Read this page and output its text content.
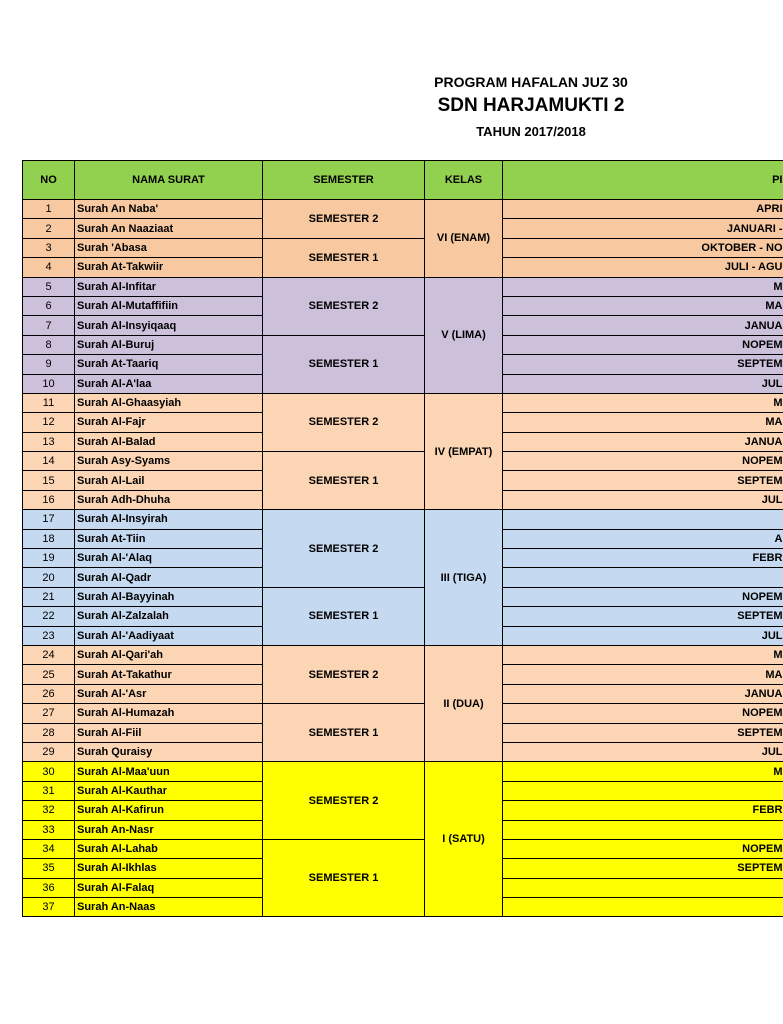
PROGRAM HAFALAN JUZ 30
SDN HARJAMUKTI 2
TAHUN 2017/2018
NO	NAMA SURAT	SEMESTER	KELAS	PI
1	Surah An Naba'	SEMESTER 2	VI (ENAM)	APRI
2	Surah An Naaziaat			JANUARI -
3	Surah 'Abasa	SEMESTER 1		OKTOBER - NO
4	Surah At-Takwiir			JULI - AGU
5	Surah Al-Infitar	SEMESTER 2	V (LIMA)	M
6	Surah Al-Mutaffifiin			MA
7	Surah Al-Insyiqaaq			JANUA
8	Surah Al-Buruj	SEMESTER 1		NOPEM
9	Surah At-Taariq			SEPTEM
10	Surah Al-A'laa			JUL
11	Surah Al-Ghaasyiah	SEMESTER 2	IV (EMPAT)	M
12	Surah Al-Fajr			MA
13	Surah Al-Balad			JANUA
14	Surah Asy-Syams	SEMESTER 1		NOPEM
15	Surah Al-Lail			SEPTEM
16	Surah Adh-Dhuha			JUL
17	Surah Al-Insyirah	SEMESTER 2	III (TIGA)	
18	Surah At-Tiin			A
19	Surah Al-'Alaq			FEBR
20	Surah Al-Qadr			
21	Surah Al-Bayyinah	SEMESTER 1		NOPEM
22	Surah Al-Zalzalah			SEPTEM
23	Surah Al-'Aadiyaat			JUL
24	Surah Al-Qari'ah	SEMESTER 2	II (DUA)	M
25	Surah At-Takathur			MA
26	Surah Al-'Asr			JANUA
27	Surah Al-Humazah	SEMESTER 1		NOPEM
28	Surah Al-Fiil			SEPTEM
29	Surah Quraisy			JUL
30	Surah Al-Maa'uun	SEMESTER 2	I (SATU)	M
31	Surah Al-Kauthar			
32	Surah Al-Kafirun			FEBR
33	Surah An-Nasr			
34	Surah Al-Lahab	SEMESTER 1		NOPEM
35	Surah Al-Ikhlas			SEPTEM
36	Surah Al-Falaq			
37	Surah An-Naas			
